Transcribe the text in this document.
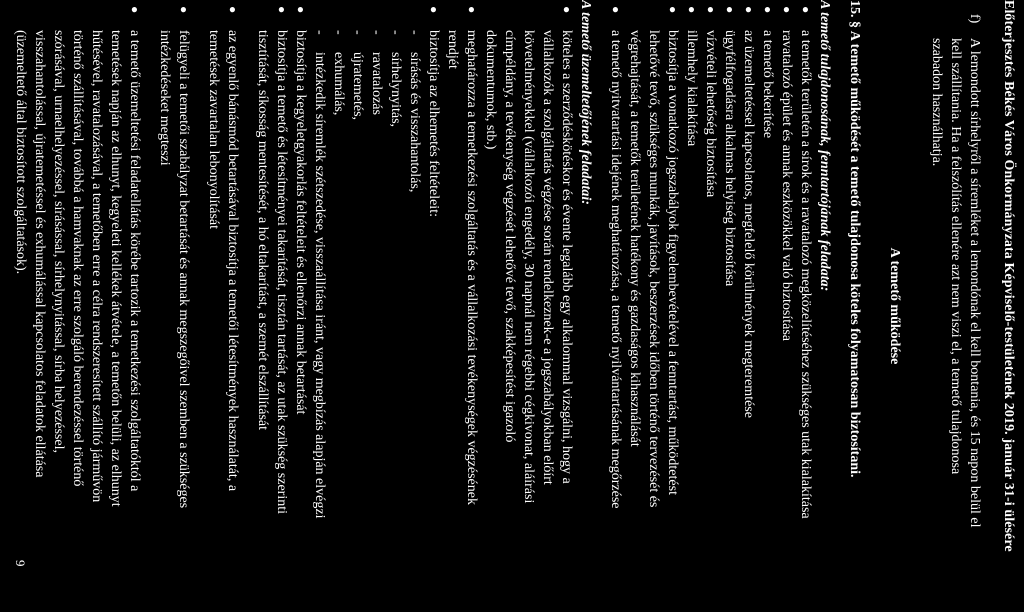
Előterjesztés Békés Város Önkormányzata Képviselő-testületének 2019. január 31-i ülésére
f)
A lemondott sírhelyről a síremléket a lemondónak el kell bontania, és 15 napon belül el
kell szállítania. Ha a felszólítás ellenére azt nem viszi el, a temető tulajdonosa
szabadon használhatja.
A temető működése
15. § A temető működését a temető tulajdonosa köteles folyamatosan biztosítani.
A temető tulajdonosának, fenntartójának feladata:
●
a temetők területén a sírok és a ravatalozó megközelítéséhez szükséges utak kialakítása
●
ravatalozó épület és annak eszközökkel való biztosítása
●
a temető bekerítése
●
az üzemeltetéssel kapcsolatos, megfelelő körülmények megteremtése
●
ügyfélfogadásra alkalmas helyiség biztosítása
●
vízvételi lehetőség biztosítása
●
illemhely kialakítása
●
biztosítja a vonatkozó jogszabályok figyelembevételével a fenntartást, működtetést
lehetővé tevő, szükséges munkák, javítások, beszerzések időben történő tervezését és
végrehajtását, a temetők területének hatékony és gazdaságos kihasználását
●
a temető nyitvatartási idejének meghatározása, a temető nyilvántartásának megőrzése
A temető üzemeltetőjének feladatai:
●
köteles a szerződéskötéskor és évente legalább egy alkalommal vizsgálni, hogy a
vállalkozók a szolgáltatás végzése során rendelkeznek-e a jogszabályokban előírt
követelményekkel (vállalkozói engedély, 30 napnál nem régebbi cégkivonat, aláírási
címpéldány, a tevékenység végzését lehetővé tevő, szakképesítést igazoló
dokumentumok, stb.)
●
meghatározza a temetkezési szolgáltatás és a vállalkozási tevékenységek végzésének
rendjét
●
biztosítja az elhemetés feltételeit:
-
sírásás és visszahantolás,
-
sírhelynyitás,
-
ravatalozás
-
újratemetés,
-
exhumálás,
-
intézkedik síremlék szétszedése, visszaállítása iránt, vagy megbízás alapján elvégzi
●
biztosítja a kegyeletgyakorlás feltételeit és ellenőrzi annak betartását
●
biztosítja a temető és létesítményei takarítását, tisztán tartását, az utak szükség szerinti
tisztítását, síkosság mentesítését, a hó eltakarítást, a szemét elszállítását
●
az egyenlő bánásmód betartásával biztosítja a temetői létesítmények használatát, a
temetések zavartalan lebonyolítását
●
felügyeli a temetői szabályzat betartását és annak megszegőivel szemben a szükséges
intézkedéseket megteszi
●
a temető üzemeltetési feladatellátás körébe tartozik a temetkezési szolgáltatóktól a
temetések napján az elhunyt, kegyeleti kellékek átvétele, a temetőn belüli, az elhunyt
hűtésével, ravatalozásával, a temetőben erre a célra rendszeresített szállító járművön
történő szállításával, továbbá a hamvaknak az erre szolgáló berendezéssel történő
szórásával, urnaelhelyezéssel, sírásással, sírhelynyitással, sírba helyezéssel,
visszahantolással, újratemetéssel és exhumálással kapcsolatos feladatok ellátása
(üzemeltető által biztosított szolgáltatások).
9
